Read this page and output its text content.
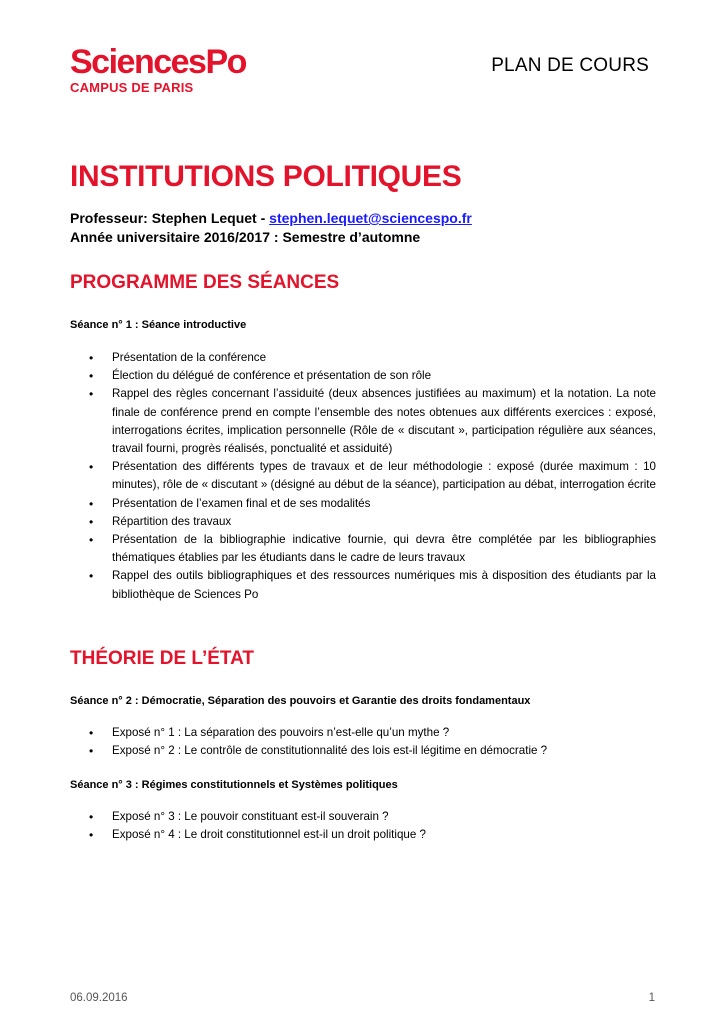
SciencesPo
CAMPUS DE PARIS
PLAN DE COURS
INSTITUTIONS POLITIQUES
Professeur: Stephen Lequet - stephen.lequet@sciencespo.fr
Année universitaire 2016/2017 : Semestre d’automne
PROGRAMME DES SÉANCES
Séance n° 1 : Séance introductive
• Présentation de la conférence
• Élection du délégué de conférence et présentation de son rôle
• Rappel des règles concernant l’assiduité (deux absences justifiées au maximum) et la notation. La note finale de conférence prend en compte l’ensemble des notes obtenues aux différents exercices : exposé, interrogations écrites, implication personnelle (Rôle de « discutant », participation régulière aux séances, travail fourni, progrès réalisés, ponctualité et assiduité)
• Présentation des différents types de travaux et de leur méthodologie : exposé (durée maximum : 10 minutes), rôle de « discutant » (désigné au début de la séance), participation au débat, interrogation écrite
• Présentation de l’examen final et de ses modalités
• Répartition des travaux
• Présentation de la bibliographie indicative fournie, qui devra être complétée par les bibliographies thématiques établies par les étudiants dans le cadre de leurs travaux
• Rappel des outils bibliographiques et des ressources numériques mis à disposition des étudiants par la bibliothèque de Sciences Po
THÉORIE DE L’ÉTAT
Séance n° 2 : Démocratie, Séparation des pouvoirs et Garantie des droits fondamentaux
• Exposé n° 1 : La séparation des pouvoirs n’est-elle qu’un mythe ?
• Exposé n° 2 : Le contrôle de constitutionnalité des lois est-il légitime en démocratie ?
Séance n° 3 : Régimes constitutionnels et Systèmes politiques
• Exposé n° 3 : Le pouvoir constituant est-il souverain ?
• Exposé n° 4 : Le droit constitutionnel est-il un droit politique ?
06.09.2016	1
